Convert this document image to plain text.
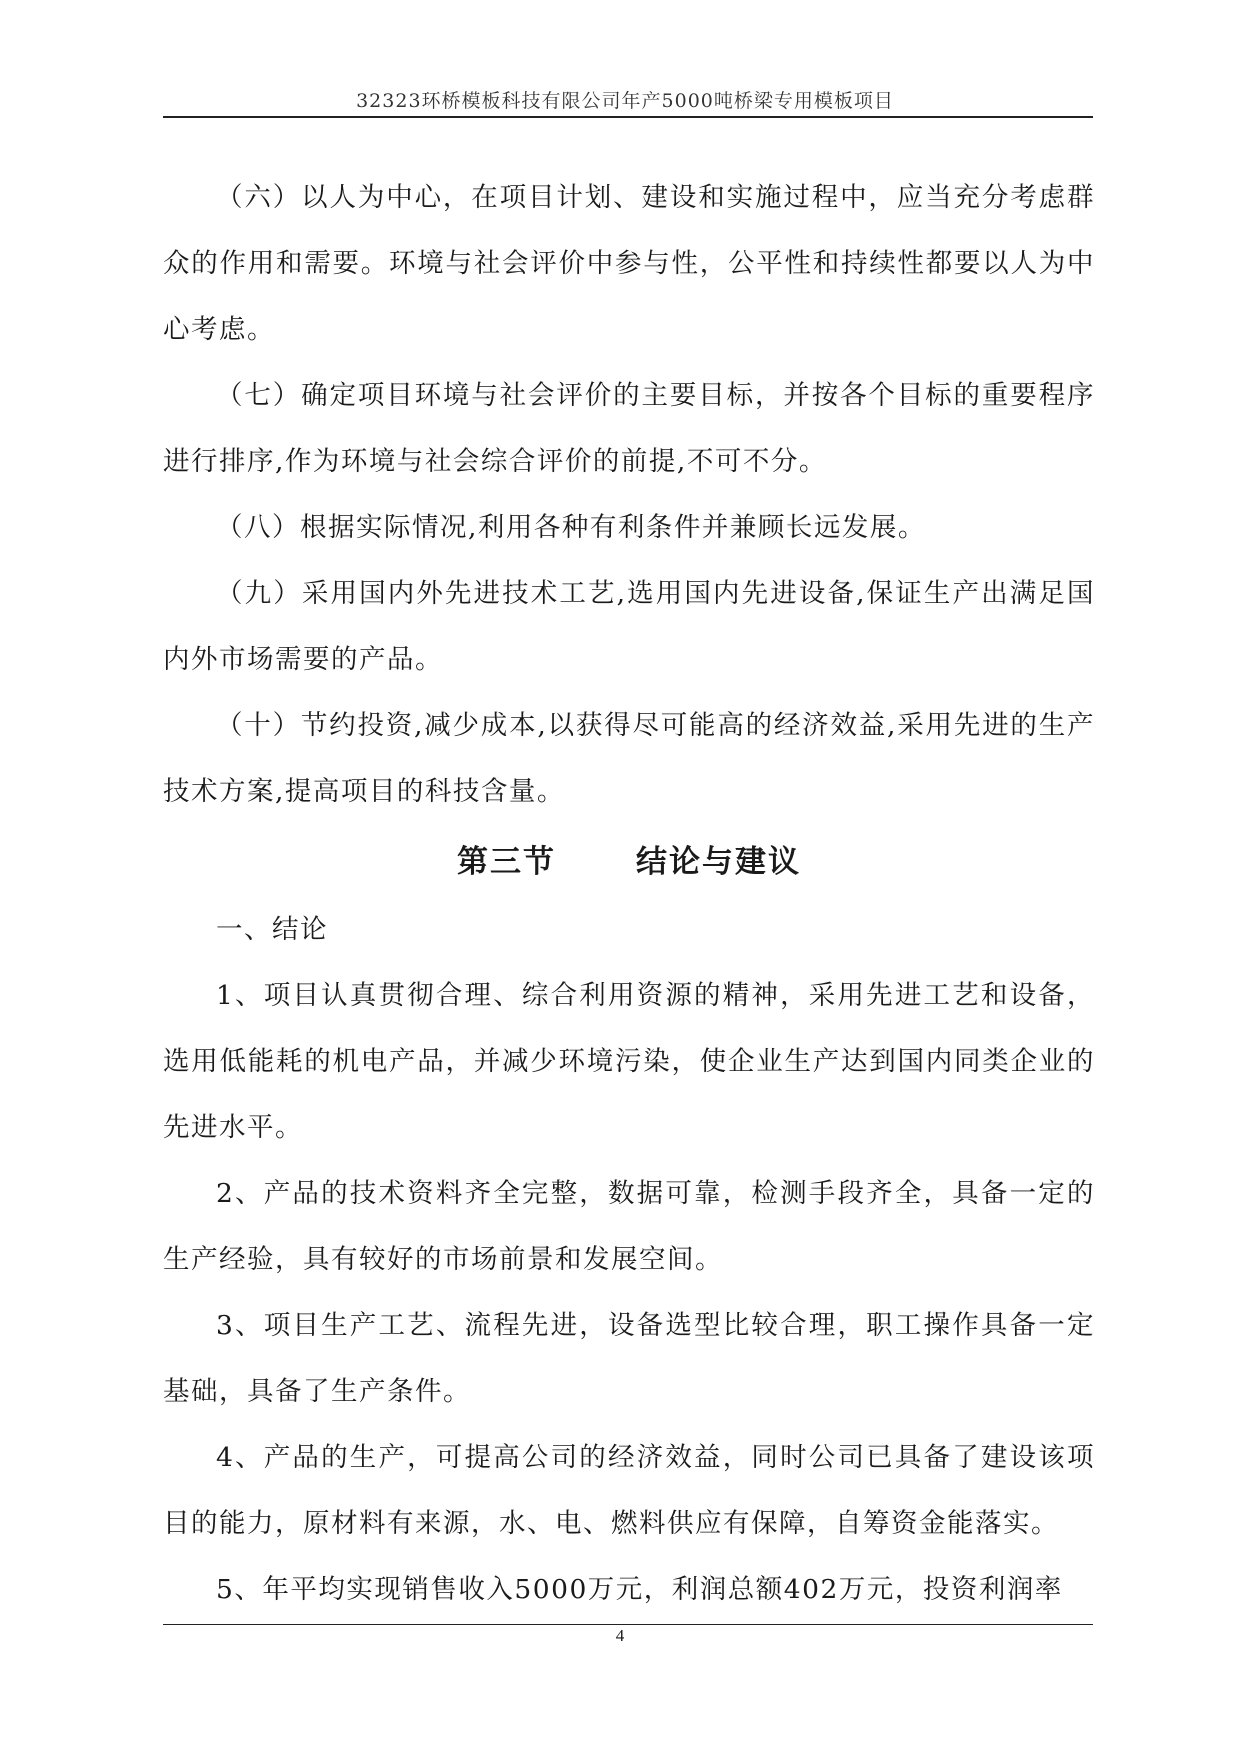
32323环桥模板科技有限公司年产5000吨桥梁专用模板项目

（六）以人为中心，在项目计划、建设和实施过程中，应当充分考虑群众的作用和需要。环境与社会评价中参与性，公平性和持续性都要以人为中心考虑。

（七）确定项目环境与社会评价的主要目标，并按各个目标的重要程序进行排序,作为环境与社会综合评价的前提,不可不分。

（八）根据实际情况,利用各种有利条件并兼顾长远发展。

（九）采用国内外先进技术工艺,选用国内先进设备,保证生产出满足国内外市场需要的产品。

（十）节约投资,减少成本,以获得尽可能高的经济效益,采用先进的生产技术方案,提高项目的科技含量。

第三节	结论与建议

一、结论

1、项目认真贯彻合理、综合利用资源的精神，采用先进工艺和设备，选用低能耗的机电产品，并减少环境污染，使企业生产达到国内同类企业的先进水平。

2、产品的技术资料齐全完整，数据可靠，检测手段齐全，具备一定的生产经验，具有较好的市场前景和发展空间。

3、项目生产工艺、流程先进，设备选型比较合理，职工操作具备一定基础，具备了生产条件。

4、产品的生产，可提高公司的经济效益，同时公司已具备了建设该项目的能力，原材料有来源，水、电、燃料供应有保障，自筹资金能落实。

5、年平均实现销售收入5000万元，利润总额402万元，投资利润率

4
